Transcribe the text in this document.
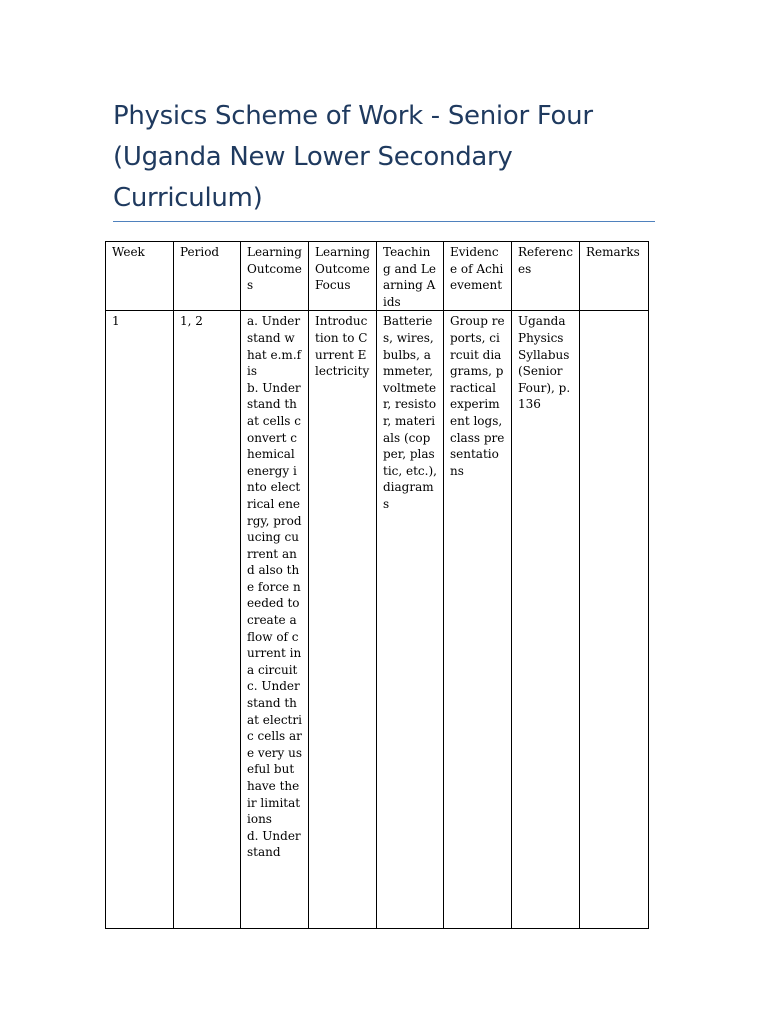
Physics Scheme of Work - Senior Four
(Uganda New Lower Secondary
Curriculum)
Week	Period	Learning Outcomes	Learning Outcome Focus	Teaching and Learning Aids	Evidence of Achievement	References	Remarks
1	1, 2	a. Understand what e.m.f is
b. Understand that cells convert chemical energy into electrical energy, producing current and also the force needed to create a flow of current in a circuit
c. Understand that electric cells are very useful but have their limitations
d. Understand	Introduction to Current Electricity	Batteries, wires, bulbs, ammeter, voltmeter, resistor, materials (copper, plastic, etc.), diagrams	Group reports, circuit diagrams, practical experiment logs, class presentations	Uganda Physics Syllabus (Senior Four), p.136	
